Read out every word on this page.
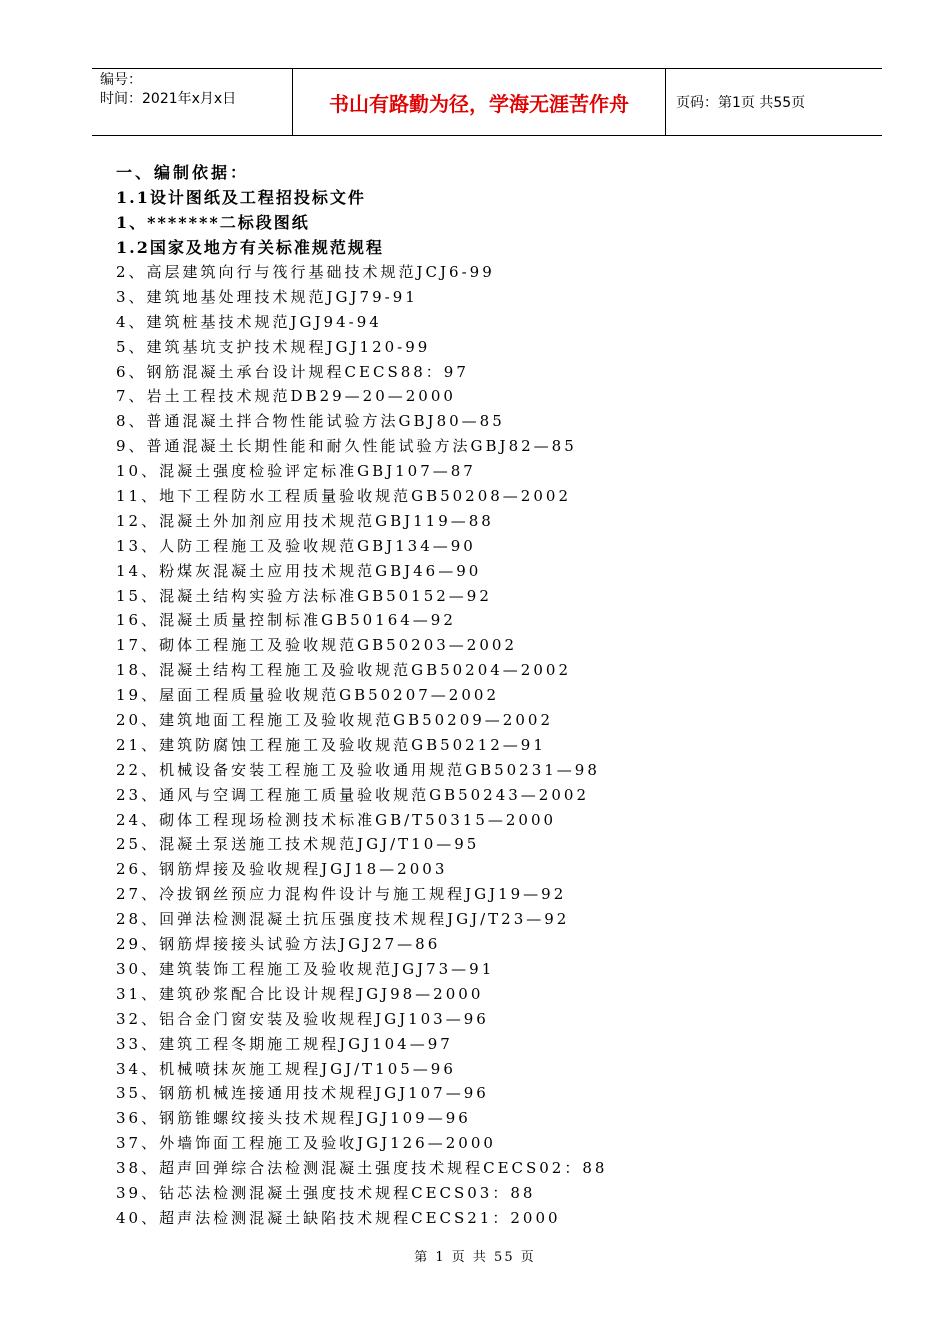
编号：
时间：2021年x月x日	书山有路勤为径，学海无涯苦作舟	页码：第1页 共55页
一、编制依据：
1.1设计图纸及工程招投标文件
1、*******二标段图纸
1.2国家及地方有关标准规范规程
2、高层建筑向行与筏行基础技术规范JCJ6-99
3、建筑地基处理技术规范JGJ79-91
4、建筑桩基技术规范JGJ94-94
5、建筑基坑支护技术规程JGJ120-99
6、钢筋混凝土承台设计规程CECS88：97
7、岩土工程技术规范DB29—20—2000
8、普通混凝土拌合物性能试验方法GBJ80—85
9、普通混凝土长期性能和耐久性能试验方法GBJ82—85
10、混凝土强度检验评定标准GBJ107—87
11、地下工程防水工程质量验收规范GB50208—2002
12、混凝土外加剂应用技术规范GBJ119—88
13、人防工程施工及验收规范GBJ134—90
14、粉煤灰混凝土应用技术规范GBJ46—90
15、混凝土结构实验方法标准GB50152—92
16、混凝土质量控制标准GB50164—92
17、砌体工程施工及验收规范GB50203—2002
18、混凝土结构工程施工及验收规范GB50204—2002
19、屋面工程质量验收规范GB50207—2002
20、建筑地面工程施工及验收规范GB50209—2002
21、建筑防腐蚀工程施工及验收规范GB50212—91
22、机械设备安装工程施工及验收通用规范GB50231—98
23、通风与空调工程施工质量验收规范GB50243—2002
24、砌体工程现场检测技术标准GB/T50315—2000
25、混凝土泵送施工技术规范JGJ/T10—95
26、钢筋焊接及验收规程JGJ18—2003
27、冷拔钢丝预应力混构件设计与施工规程JGJ19—92
28、回弹法检测混凝土抗压强度技术规程JGJ/T23—92
29、钢筋焊接接头试验方法JGJ27—86
30、建筑装饰工程施工及验收规范JGJ73—91
31、建筑砂浆配合比设计规程JGJ98—2000
32、铝合金门窗安装及验收规程JGJ103—96
33、建筑工程冬期施工规程JGJ104—97
34、机械喷抹灰施工规程JGJ/T105—96
35、钢筋机械连接通用技术规程JGJ107—96
36、钢筋锥螺纹接头技术规程JGJ109—96
37、外墙饰面工程施工及验收JGJ126—2000
38、超声回弹综合法检测混凝土强度技术规程CECS02：88
39、钻芯法检测混凝土强度技术规程CECS03：88
40、超声法检测混凝土缺陷技术规程CECS21：2000
第 1 页 共 55 页
